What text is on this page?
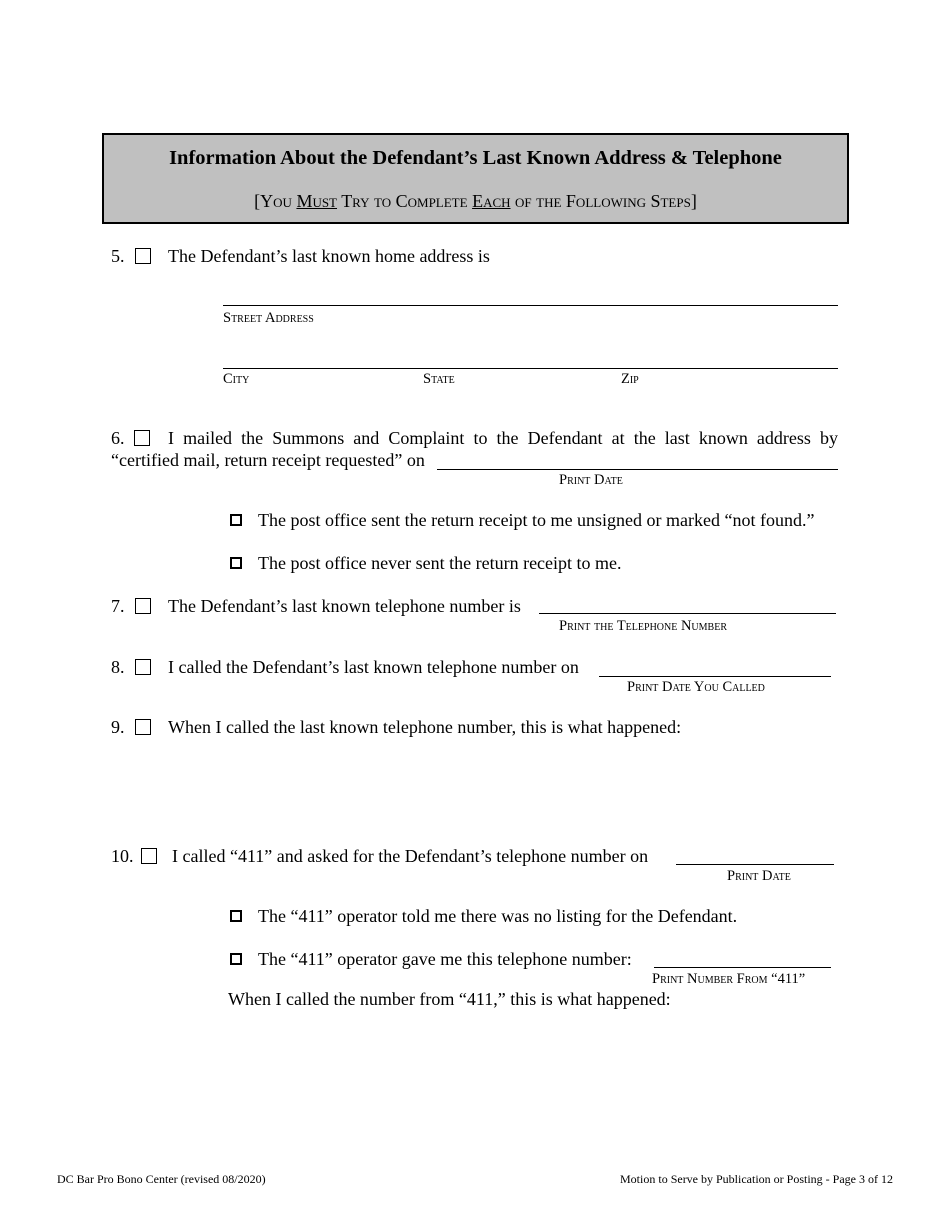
Information About the Defendant’s Last Known Address & Telephone
[You Must Try to Complete Each of the Following Steps]
5. The Defendant’s last known home address is
Street Address
City	State	Zip
6. I mailed the Summons and Complaint to the Defendant at the last known address by
“certified mail, return receipt requested” on
Print Date
The post office sent the return receipt to me unsigned or marked “not found.”
The post office never sent the return receipt to me.
7. The Defendant’s last known telephone number is
Print the Telephone Number
8. I called the Defendant’s last known telephone number on
Print Date You Called
9. When I called the last known telephone number, this is what happened:
10. I called “411” and asked for the Defendant’s telephone number on
Print Date
The “411” operator told me there was no listing for the Defendant.
The “411” operator gave me this telephone number:
Print Number From “411”
When I called the number from “411,” this is what happened:
DC Bar Pro Bono Center (revised 08/2020)	Motion to Serve by Publication or Posting - Page 3 of 12
